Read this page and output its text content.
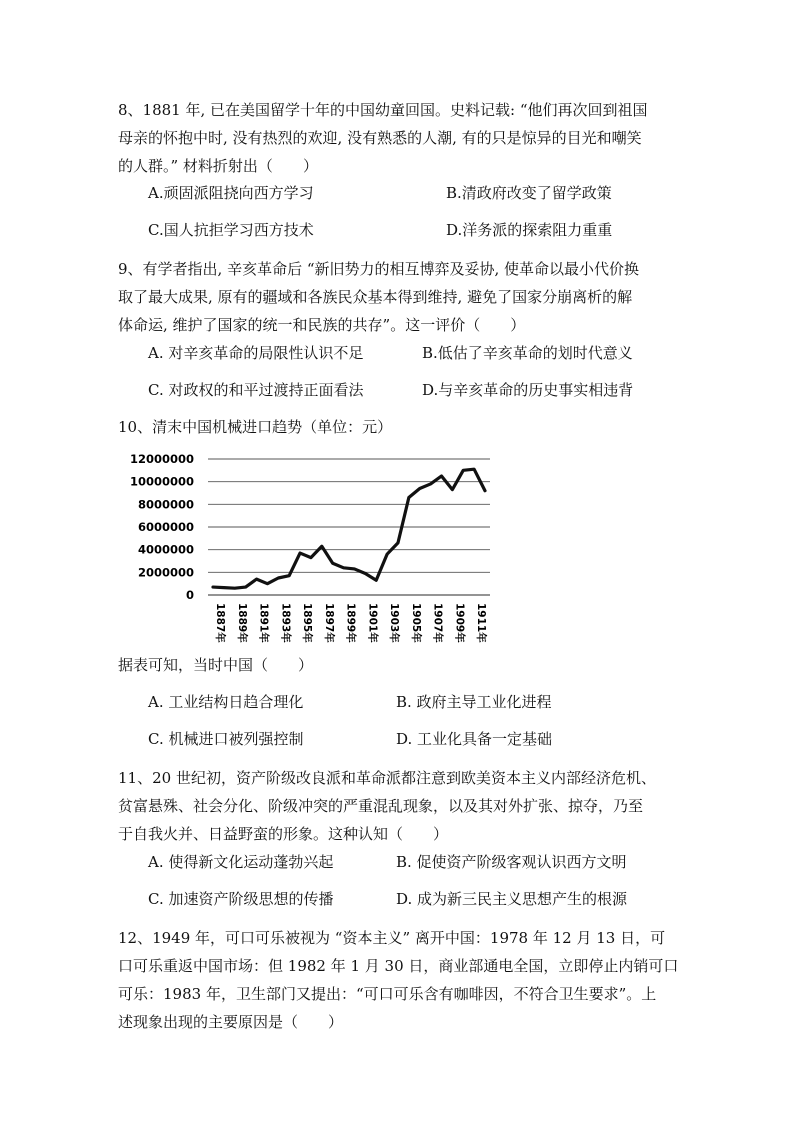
8、1881 年, 已在美国留学十年的中国幼童回国。史料记载: “他们再次回到祖国
母亲的怀抱中时, 没有热烈的欢迎, 没有熟悉的人潮, 有的只是惊异的目光和嘲笑
的人群。” 材料折射出（　　）

A.顽固派阻挠向西方学习	B.清政府改变了留学政策
C.国人抗拒学习西方技术	D.洋务派的探索阻力重重

9、有学者指出, 辛亥革命后 “新旧势力的相互博弈及妥协, 使革命以最小代价换
取了最大成果, 原有的疆域和各族民众基本得到维持, 避免了国家分崩离析的解
体命运, 维护了国家的统一和民族的共存”。这一评价（　　）

A. 对辛亥革命的局限性认识不足	B.低估了辛亥革命的划时代意义
C. 对政权的和平过渡持正面看法	D.与辛亥革命的历史事实相违背
10、清末中国机械进口趋势（单位：元）
0
2000000
4000000
6000000
8000000
10000000
12000000
1887年 1889年 1891年 1893年 1895年 1897年 1899年 1901年 1903年 1905年 1907年 1909年 1911年
据表可知，当时中国（　　）
A. 工业结构日趋合理化	B. 政府主导工业化进程
C. 机械进口被列强控制	D. 工业化具备一定基础

11、20 世纪初，资产阶级改良派和革命派都注意到欧美资本主义内部经济危机、
贫富悬殊、社会分化、阶级冲突的严重混乱现象，以及其对外扩张、掠夺，乃至
于自我火并、日益野蛮的形象。这种认知（　　）

A. 使得新文化运动蓬勃兴起	B. 促使资产阶级客观认识西方文明
C. 加速资产阶级思想的传播	D. 成为新三民主义思想产生的根源

12、1949 年，可口可乐被视为 “资本主义” 离开中国：1978 年 12 月 13 日，可
口可乐重返中国市场：但 1982 年 1 月 30 日，商业部通电全国，立即停止内销可口
可乐：1983 年，卫生部门又提出：“可口可乐含有咖啡因，不符合卫生要求”。上
述现象出现的主要原因是（　　）
